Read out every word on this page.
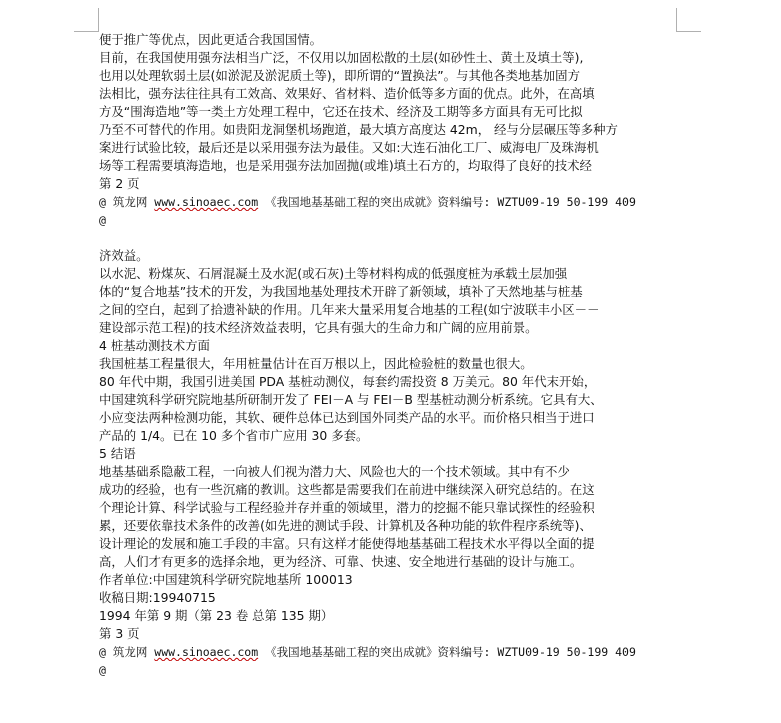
便于推广等优点，因此更适合我国国情。
目前，在我国使用强夯法相当广泛，不仅用以加固松散的土层(如砂性土、黄土及填土等),
也用以处理软弱土层(如淤泥及淤泥质土等)，即所谓的“置换法”。与其他各类地基加固方
法相比，强夯法往往具有工效高、效果好、省材料、造价低等多方面的优点。此外，在高填
方及“围海造地”等一类土方处理工程中，它还在技术、经济及工期等多方面具有无可比拟
乃至不可替代的作用。如贵阳龙洞堡机场跑道，最大填方高度达 42m， 经与分层碾压等多种方
案进行试验比较，最后还是以采用强夯法为最佳。又如:大连石油化工厂、威海电厂及珠海机
场等工程需要填海造地，也是采用强夯法加固抛(或堆)填土石方的，均取得了良好的技术经
第 2 页
@ 筑龙网 www.sinoaec.com 《我国地基基础工程的突出成就》资料编号: WZTU09-19 50-199 409
@
济效益。
以水泥、粉煤灰、石屑混凝土及水泥(或石灰)土等材料构成的低强度桩为承载土层加强
体的“复合地基”技术的开发，为我国地基处理技术开辟了新领域，填补了天然地基与桩基
之间的空白，起到了拾遗补缺的作用。几年来大量采用复合地基的工程(如宁波联丰小区－－
建设部示范工程)的技术经济效益表明，它具有强大的生命力和广阔的应用前景。
4 桩基动测技术方面
我国桩基工程量很大，年用桩量估计在百万根以上，因此检验桩的数量也很大。
80 年代中期，我国引进美国 PDA 基桩动测仪，每套约需投资 8 万美元。80 年代末开始，
中国建筑科学研究院地基所研制开发了 FEI－A 与 FEI－B 型基桩动测分析系统。它具有大、
小应变法两种检测功能，其软、硬件总体已达到国外同类产品的水平。而价格只相当于进口
产品的 1/4。已在 10 多个省市广应用 30 多套。
5 结语
地基基础系隐蔽工程，一向被人们视为潜力大、风险也大的一个技术领域。其中有不少
成功的经验，也有一些沉痛的教训。这些都是需要我们在前进中继续深入研究总结的。在这
个理论计算、科学试验与工程经验并存并重的领域里，潜力的挖掘不能只靠试探性的经验积
累，还要依靠技术条件的改善(如先进的测试手段、计算机及各种功能的软件程序系统等)、
设计理论的发展和施工手段的丰富。只有这样才能使得地基基础工程技术水平得以全面的提
高，人们才有更多的选择余地，更为经济、可靠、快速、安全地进行基础的设计与施工。
作者单位:中国建筑科学研究院地基所 100013
收稿日期:19940715
1994 年第 9 期（第 23 卷 总第 135 期）
第 3 页
@ 筑龙网 www.sinoaec.com 《我国地基基础工程的突出成就》资料编号: WZTU09-19 50-199 409
@
